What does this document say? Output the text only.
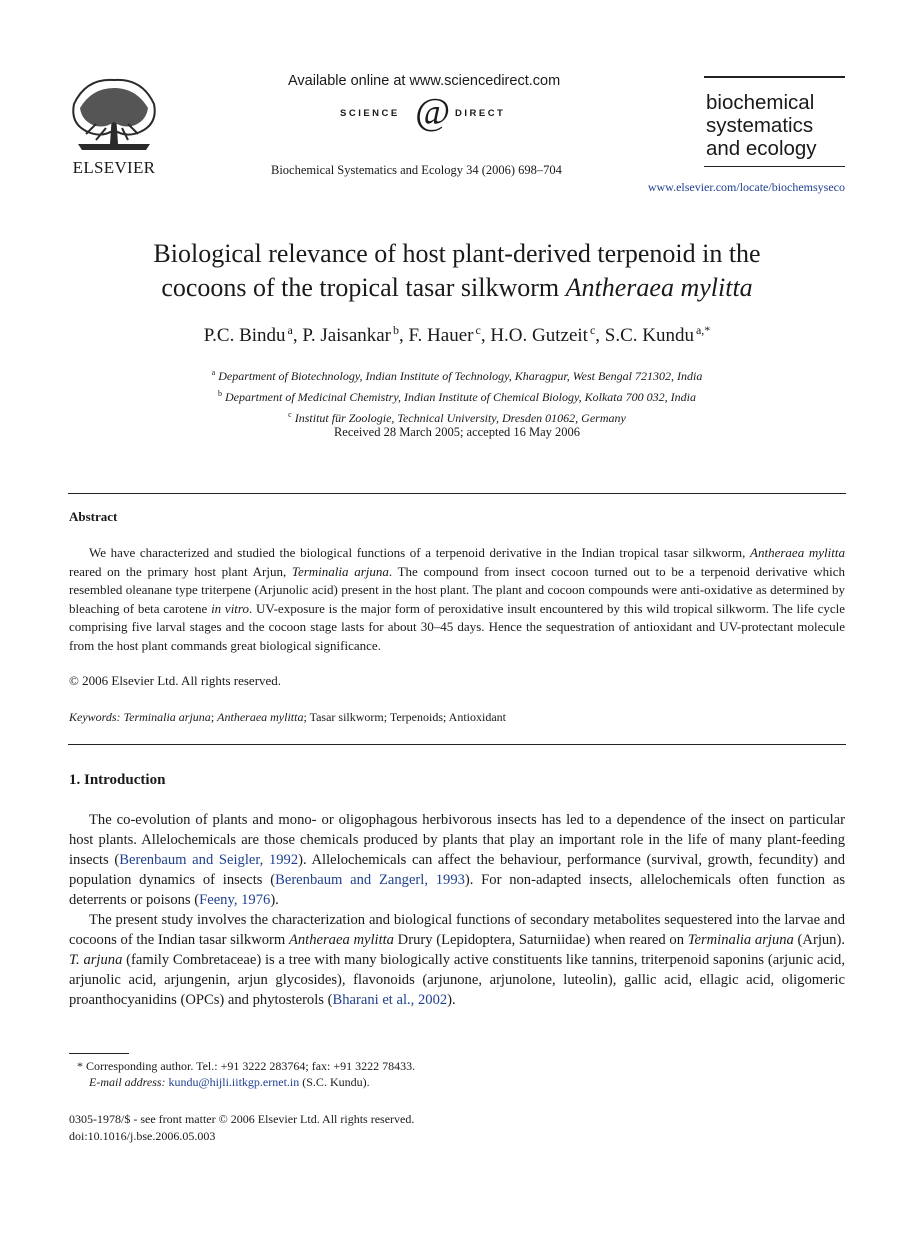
ELSEVIER
Available online at www.sciencedirect.com
SCIENCE @ DIRECT
Biochemical Systematics and Ecology 34 (2006) 698–704
biochemical
systematics
and ecology
www.elsevier.com/locate/biochemsyseco
Biological relevance of host plant-derived terpenoid in the
cocoons of the tropical tasar silkworm Antheraea mylitta
P.C. Bindu $^a$, P. Jaisankar $^b$, F. Hauer $^c$, H.O. Gutzeit $^c$, S.C. Kundu $^{a,*}$
$^a$ Department of Biotechnology, Indian Institute of Technology, Kharagpur, West Bengal 721302, India
$^b$ Department of Medicinal Chemistry, Indian Institute of Chemical Biology, Kolkata 700 032, India
$^c$ Institut für Zoologie, Technical University, Dresden 01062, Germany
Received 28 March 2005; accepted 16 May 2006
Abstract
We have characterized and studied the biological functions of a terpenoid derivative in the Indian tropical tasar silkworm, Antheraea mylitta reared on the primary host plant Arjun, Terminalia arjuna. The compound from insect cocoon turned out to be a terpenoid derivative which resembled oleanane type triterpene (Arjunolic acid) present in the host plant. The plant and cocoon compounds were anti-oxidative as determined by bleaching of beta carotene in vitro. UV-exposure is the major form of peroxidative insult encountered by this wild tropical silkworm. The life cycle comprising five larval stages and the cocoon stage lasts for about 30–45 days. Hence the sequestration of antioxidant and UV-protectant molecule from the host plant commands great biological significance.
© 2006 Elsevier Ltd. All rights reserved.
Keywords: Terminalia arjuna; Antheraea mylitta; Tasar silkworm; Terpenoids; Antioxidant
1. Introduction
The co-evolution of plants and mono- or oligophagous herbivorous insects has led to a dependence of the insect on particular host plants. Allelochemicals are those chemicals produced by plants that play an important role in the life of many plant-feeding insects (Berenbaum and Seigler, 1992). Allelochemicals can affect the behaviour, performance (survival, growth, fecundity) and population dynamics of insects (Berenbaum and Zangerl, 1993). For non-adapted insects, allelochemicals often function as deterrents or poisons (Feeny, 1976).
The present study involves the characterization and biological functions of secondary metabolites sequestered into the larvae and cocoons of the Indian tasar silkworm Antheraea mylitta Drury (Lepidoptera, Saturniidae) when reared on Terminalia arjuna (Arjun). T. arjuna (family Combretaceae) is a tree with many biologically active constituents like tannins, triterpenoid saponins (arjunic acid, arjunolic acid, arjungenin, arjun glycosides), flavonoids (arjunone, arjunolone, luteolin), gallic acid, ellagic acid, oligomeric proanthocyanidins (OPCs) and phytosterols (Bharani et al., 2002).
* Corresponding author. Tel.: +91 3222 283764; fax: +91 3222 78433.
E-mail address: kundu@hijli.iitkgp.ernet.in (S.C. Kundu).
0305-1978/$ - see front matter © 2006 Elsevier Ltd. All rights reserved.
doi:10.1016/j.bse.2006.05.003
